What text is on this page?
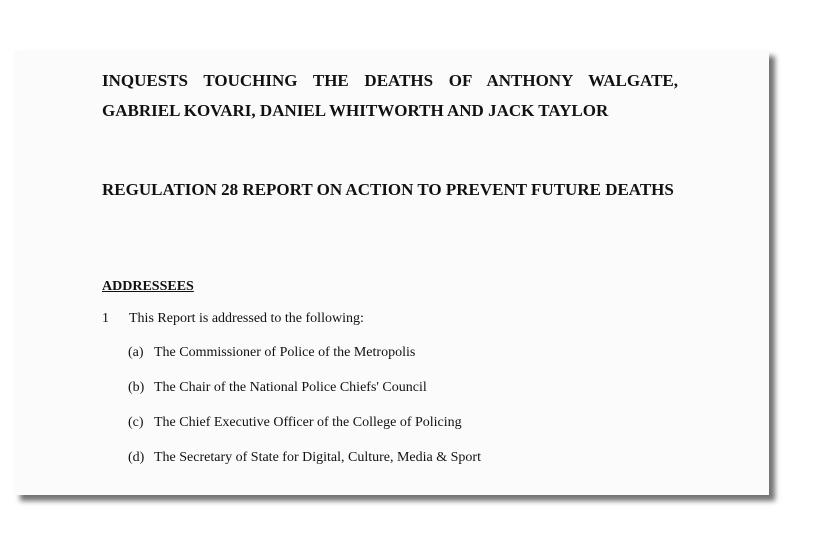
INQUESTS TOUCHING THE DEATHS OF ANTHONY WALGATE, GABRIEL KOVARI, DANIEL WHITWORTH AND JACK TAYLOR

REGULATION 28 REPORT ON ACTION TO PREVENT FUTURE DEATHS

ADDRESSEES

1 This Report is addressed to the following:

(a) The Commissioner of Police of the Metropolis
(b) The Chair of the National Police Chiefs' Council
(c) The Chief Executive Officer of the College of Policing
(d) The Secretary of State for Digital, Culture, Media & Sport
